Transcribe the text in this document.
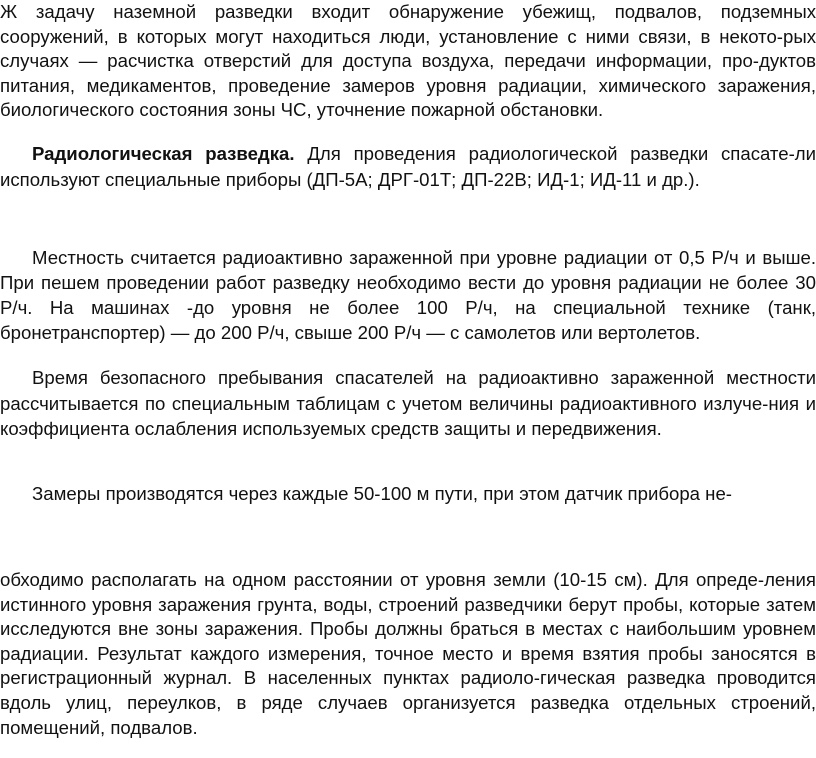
Ж задачу наземной разведки входит обнаружение убежищ, подвалов, подземных сооружений, в которых могут находиться люди, установление с ними связи, в некото-рых случаях — расчистка отверстий для доступа воздуха, передачи информации, про-дуктов питания, медикаментов, проведение замеров уровня радиации, химического заражения, биологического состояния зоны ЧС, уточнение пожарной обстановки.

Радиологическая разведка. Для проведения радиологической разведки спасате-ли используют специальные приборы (ДП-5А; ДРГ-01Т; ДП-22В; ИД-1; ИД-11 и др.).

Местность считается радиоактивно зараженной при уровне радиации от 0,5 Р/ч и выше. При пешем проведении работ разведку необходимо вести до уровня радиации не более 30 Р/ч. На машинах -до уровня не более 100 Р/ч, на специальной технике (танк, бронетранспортер) — до 200 Р/ч, свыше 200 Р/ч — с самолетов или вертолетов.

Время безопасного пребывания спасателей на радиоактивно зараженной местности рассчитывается по специальным таблицам с учетом величины радиоактивного излуче-ния и коэффициента ослабления используемых средств защиты и передвижения.

Замеры производятся через каждые 50-100 м пути, при этом датчик прибора не-

обходимо располагать на одном расстоянии от уровня земли (10-15 см). Для опреде-ления истинного уровня заражения грунта, воды, строений разведчики берут пробы, которые затем исследуются вне зоны заражения. Пробы должны браться в местах с наибольшим уровнем радиации. Результат каждого измерения, точное место и время взятия пробы заносятся в регистрационный журнал. В населенных пунктах радиоло-гическая разведка проводится вдоль улиц, переулков, в ряде случаев организуется разведка отдельных строений, помещений, подвалов.
